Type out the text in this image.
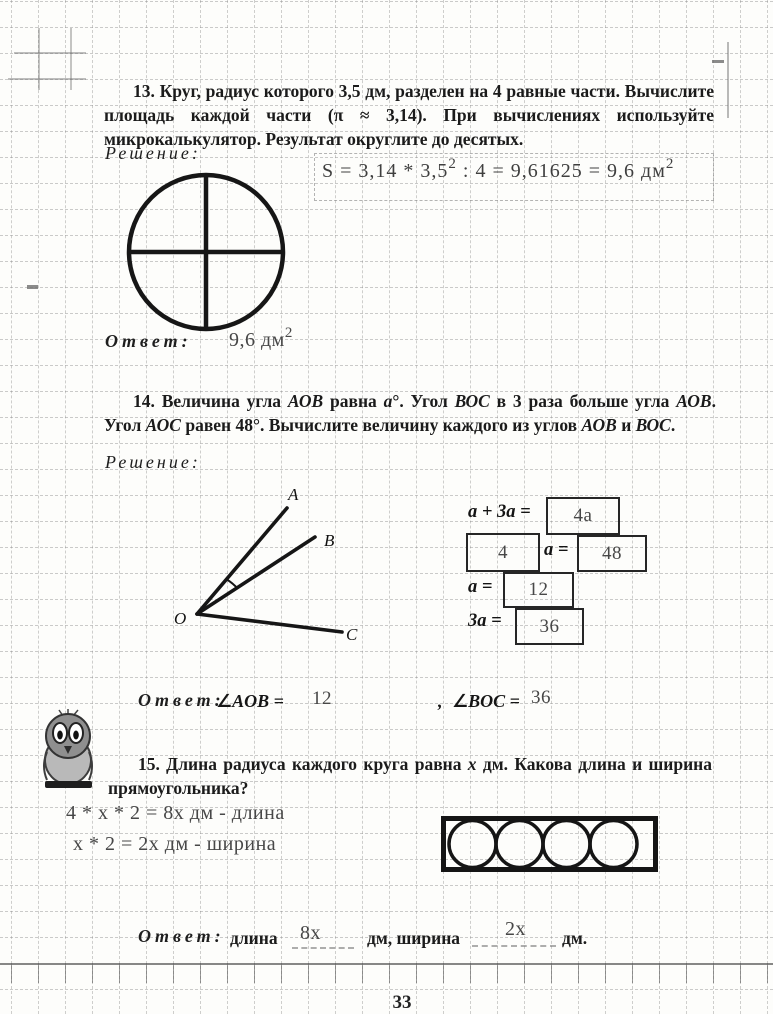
13. Круг, радиус которого 3,5 дм, разделен на 4 равные части. Вычислите площадь каждой части (π ≈ 3,14). При вычислениях используйте микрокалькулятор. Результат округлите до десятых.

Решение:
$S = 3,14 * 3,5^2$ : 4 = 9,61625 = 9,6 $дм^2$
Ответ: 9,6 $дм^2$

14. Величина угла АОВ равна а°. Угол ВОС в 3 раза больше угла АОВ. Угол АОС равен 48°. Вычислите величину каждого из углов АОВ и ВОС.

Решение:
A
B
C
O
a + 3a = 4a
4 a = 48
a = 12
3a = 36
Ответ:
∠AOB = 12	, ∠BOC = 36

15. Длина радиуса каждого круга равна х дм. Какова длина и ширина прямоугольника?

4 * x * 2 = 8x дм - длина
x * 2 = 2x дм - ширина
Ответ: длина 8x	дм, ширина 2x дм.
33
